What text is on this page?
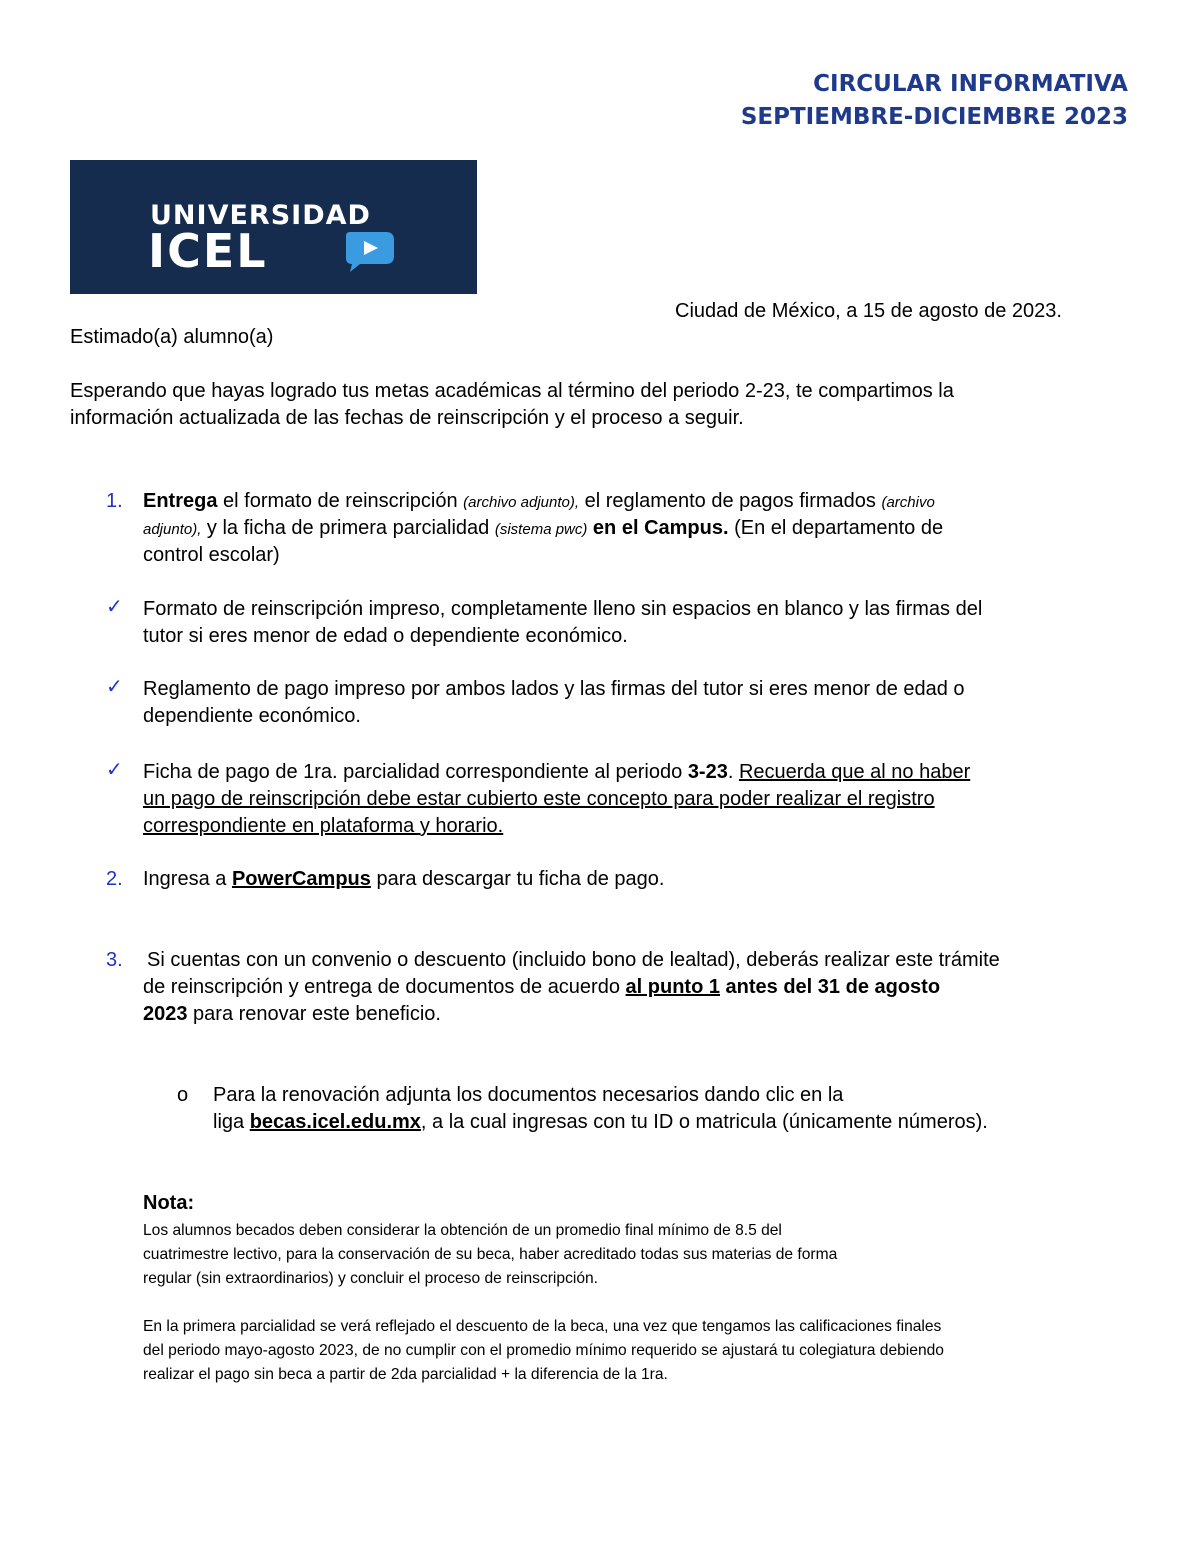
CIRCULAR INFORMATIVA
SEPTIEMBRE-DICIEMBRE 2023
UNIVERSIDAD
ICEL
Ciudad de México, a 15 de agosto de 2023.
Estimado(a) alumno(a)
Esperando que hayas logrado tus metas académicas al término del periodo 2-23, te compartimos la
información actualizada de las fechas de reinscripción y el proceso a seguir.
1. Entrega el formato de reinscripción (archivo adjunto), el reglamento de pagos firmados (archivo
adjunto), y la ficha de primera parcialidad (sistema pwc) en el Campus. (En el departamento de
control escolar)
✓ Formato de reinscripción impreso, completamente lleno sin espacios en blanco y las firmas del
tutor si eres menor de edad o dependiente económico.
✓ Reglamento de pago impreso por ambos lados y las firmas del tutor si eres menor de edad o
dependiente económico.
✓ Ficha de pago de 1ra. parcialidad correspondiente al periodo 3-23. Recuerda que al no haber
un pago de reinscripción debe estar cubierto este concepto para poder realizar el registro
correspondiente en plataforma y horario.
2. Ingresa a PowerCampus para descargar tu ficha de pago.
3. Si cuentas con un convenio o descuento (incluido bono de lealtad), deberás realizar este trámite
de reinscripción y entrega de documentos de acuerdo al punto 1 antes del 31 de agosto
2023 para renovar este beneficio.
o Para la renovación adjunta los documentos necesarios dando clic en la
liga becas.icel.edu.mx, a la cual ingresas con tu ID o matricula (únicamente números).
Nota:
Los alumnos becados deben considerar la obtención de un promedio final mínimo de 8.5 del
cuatrimestre lectivo, para la conservación de su beca, haber acreditado todas sus materias de forma
regular (sin extraordinarios) y concluir el proceso de reinscripción.
En la primera parcialidad se verá reflejado el descuento de la beca, una vez que tengamos las calificaciones finales
del periodo mayo-agosto 2023, de no cumplir con el promedio mínimo requerido se ajustará tu colegiatura debiendo
realizar el pago sin beca a partir de 2da parcialidad + la diferencia de la 1ra.
